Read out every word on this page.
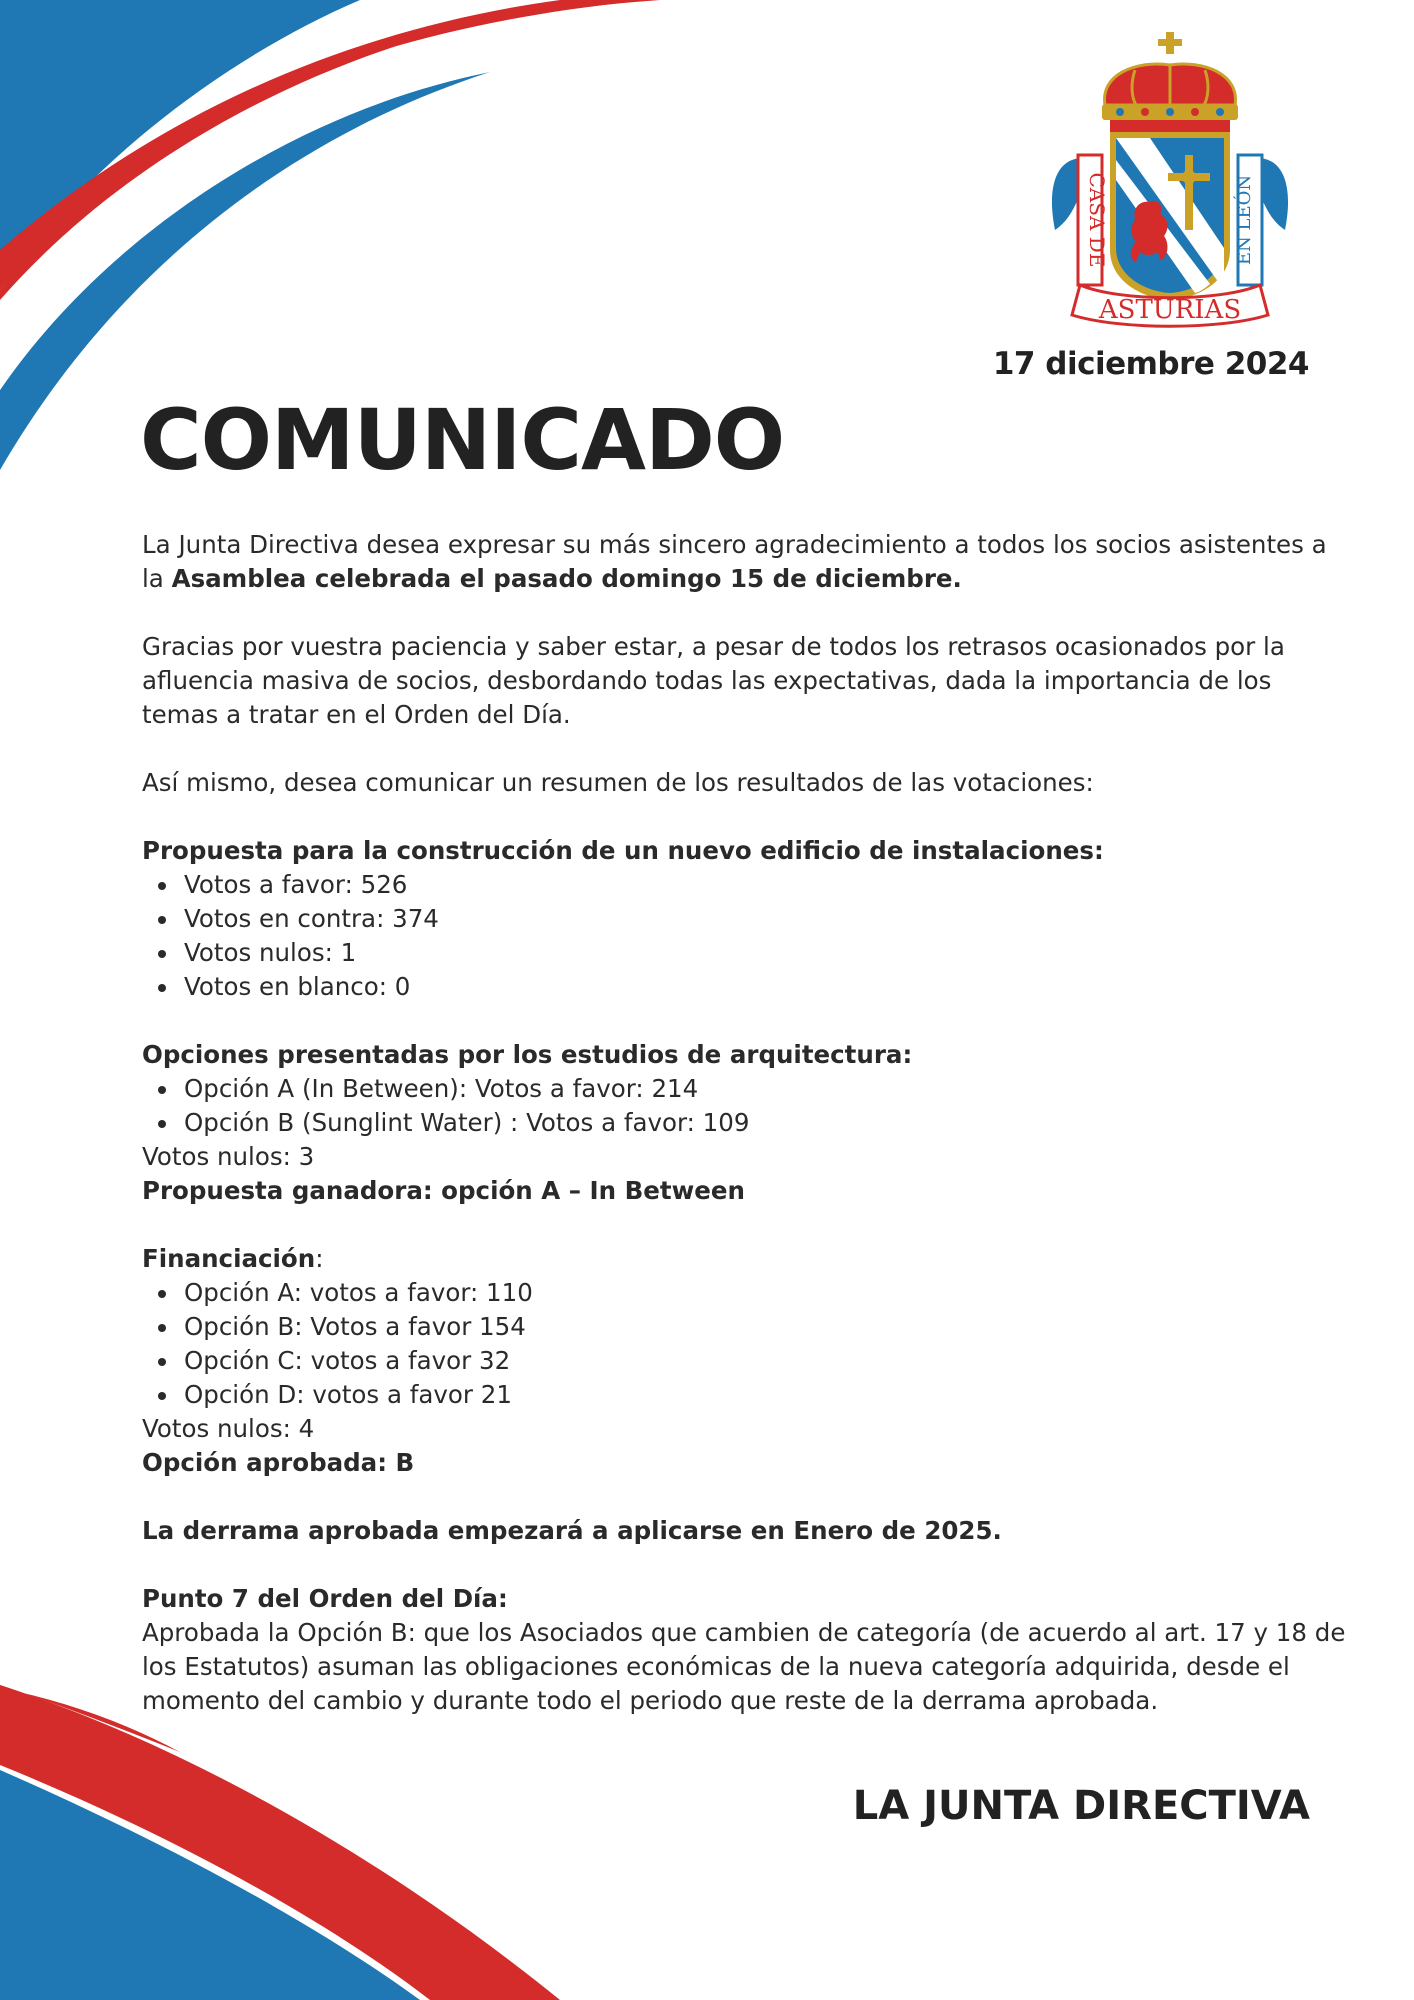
CASA DE	EN LEÓN
ASTURIAS
17 diciembre 2024
COMUNICADO

La Junta Directiva desea expresar su más sincero agradecimiento a todos los socios asistentes a la Asamblea celebrada el pasado domingo 15 de diciembre.

Gracias por vuestra paciencia y saber estar, a pesar de todos los retrasos ocasionados por la afluencia masiva de socios, desbordando todas las expectativas, dada la importancia de los temas a tratar en el Orden del Día.

Así mismo, desea comunicar un resumen de los resultados de las votaciones:

Propuesta para la construcción de un nuevo edificio de instalaciones:

Votos a favor: 526
Votos en contra: 374
Votos nulos: 1
Votos en blanco: 0

Opciones presentadas por los estudios de arquitectura:

Opción A (In Between): Votos a favor: 214
Opción B (Sunglint Water) : Votos a favor: 109

Votos nulos: 3

Propuesta ganadora: opción A – In Between

Financiación:

Opción A: votos a favor: 110
Opción B: Votos a favor 154
Opción C: votos a favor 32
Opción D: votos a favor 21

Votos nulos: 4

Opción aprobada: B

La derrama aprobada empezará a aplicarse en Enero de 2025.

Punto 7 del Orden del Día:

Aprobada la Opción B: que los Asociados que cambien de categoría (de acuerdo al art. 17 y 18 de los Estatutos) asuman las obligaciones económicas de la nueva categoría adquirida, desde el momento del cambio y durante todo el periodo que reste de la derrama aprobada.

LA JUNTA DIRECTIVA
